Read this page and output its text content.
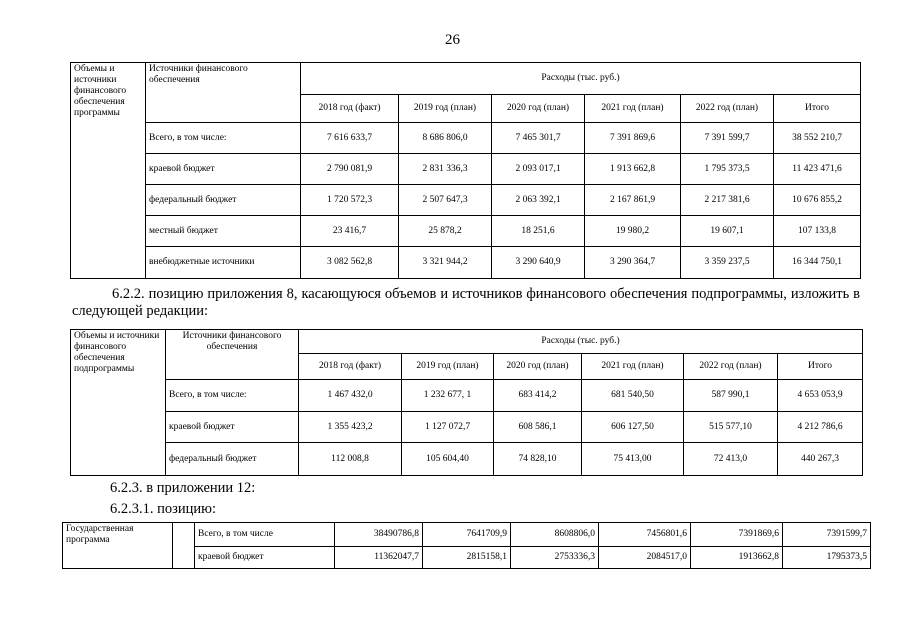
26
Объемы и источники финансового обеспечения программы	Источники финансового обеспечения	Расходы (тыс. руб.)					
		2018 год (факт)	2019 год (план)	2020 год (план)	2021 год (план)	2022 год (план)	Итого
	Всего, в том числе:	7 616 633,7	8 686 806,0	7 465 301,7	7 391 869,6	7 391 599,7	38 552 210,7
	краевой бюджет	2 790 081,9	2 831 336,3	2 093 017,1	1 913 662,8	1 795 373,5	11 423 471,6
	федеральный бюджет	1 720 572,3	2 507 647,3	2 063 392,1	2 167 861,9	2 217 381,6	10 676 855,2
	местный бюджет	23 416,7	25 878,2	18 251,6	19 980,2	19 607,1	107 133,8
	внебюджетные источники	3 082 562,8	3 321 944,2	3 290 640,9	3 290 364,7	3 359 237,5	16 344 750,1
6.2.2. позицию приложения 8, касающуюся объемов и источников финансового обеспечения подпрограммы, изложить в следующей редакции:
Объемы и источники финансового обеспечения подпрограммы	Источники финансового обеспечения	Расходы (тыс. руб.)					
		2018 год (факт)	2019 год (план)	2020 год (план)	2021 год (план)	2022 год (план)	Итого
	Всего, в том числе:	1 467 432,0	1 232 677, 1	683 414,2	681 540,50	587 990,1	4 653 053,9
	краевой бюджет	1 355 423,2	1 127 072,7	608 586,1	606 127,50	515 577,10	4 212 786,6
	федеральный бюджет	112 008,8	105 604,40	74 828,10	75 413,00	72 413,0	440 267,3
6.2.3. в приложении 12:
6.2.3.1. позицию:
Государственная программа		Всего, в том числе	38490786,8	7641709,9	8608806,0	7456801,6	7391869,6	7391599,7
		краевой бюджет	11362047,7	2815158,1	2753336,3	2084517,0	1913662,8	1795373,5
